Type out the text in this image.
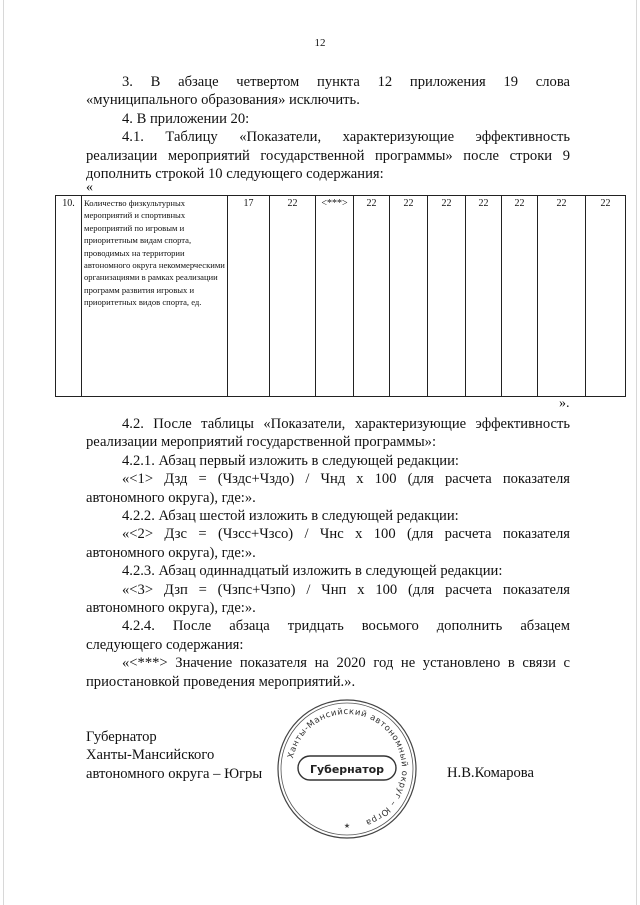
12

3. В абзаце четвертом пункта 12 приложения 19 слова

«муниципального образования» исключить.

4. В приложении 20:

4.1. Таблицу «Показатели, характеризующие эффективность

реализации мероприятий государственной программы» после строки 9

дополнить строкой 10 следующего содержания:

«
10.	Количество физкультурных мероприятий и спортивных мероприятий по игровым и приоритетным видам спорта, проводимых на территории автономного округа некоммерческими организациями в рамках реализации программ развития игровых и приоритетных видов спорта, ед.	17	22	<***>	22	22	22	22	22	22	22
».

4.2. После таблицы «Показатели, характеризующие эффективность

реализации мероприятий государственной программы»:

4.2.1. Абзац первый изложить в следующей редакции:

«<1> Дзд = (Чздс+Чздо) / Чнд х 100 (для расчета показателя

автономного округа), где:».

4.2.2. Абзац шестой изложить в следующей редакции:

«<2> Дзс = (Чзсс+Чзсо) / Чнс х 100 (для расчета показателя

автономного округа), где:».

4.2.3. Абзац одиннадцатый изложить в следующей редакции:

«<3> Дзп = (Чзпс+Чзпо) / Чнп х 100 (для расчета показателя

автономного округа), где:».

4.2.4. После абзаца тридцать восьмого дополнить абзацем

следующего содержания:

«<***> Значение показателя на 2020 год не установлено в связи с

приостановкой проведения мероприятий.».

Губернатор
Ханты-Мансийского
автономного округа – Югры	Н.В.Комарова
Ханты-Мансийский автономный округ – Югра
Губернатор
★
